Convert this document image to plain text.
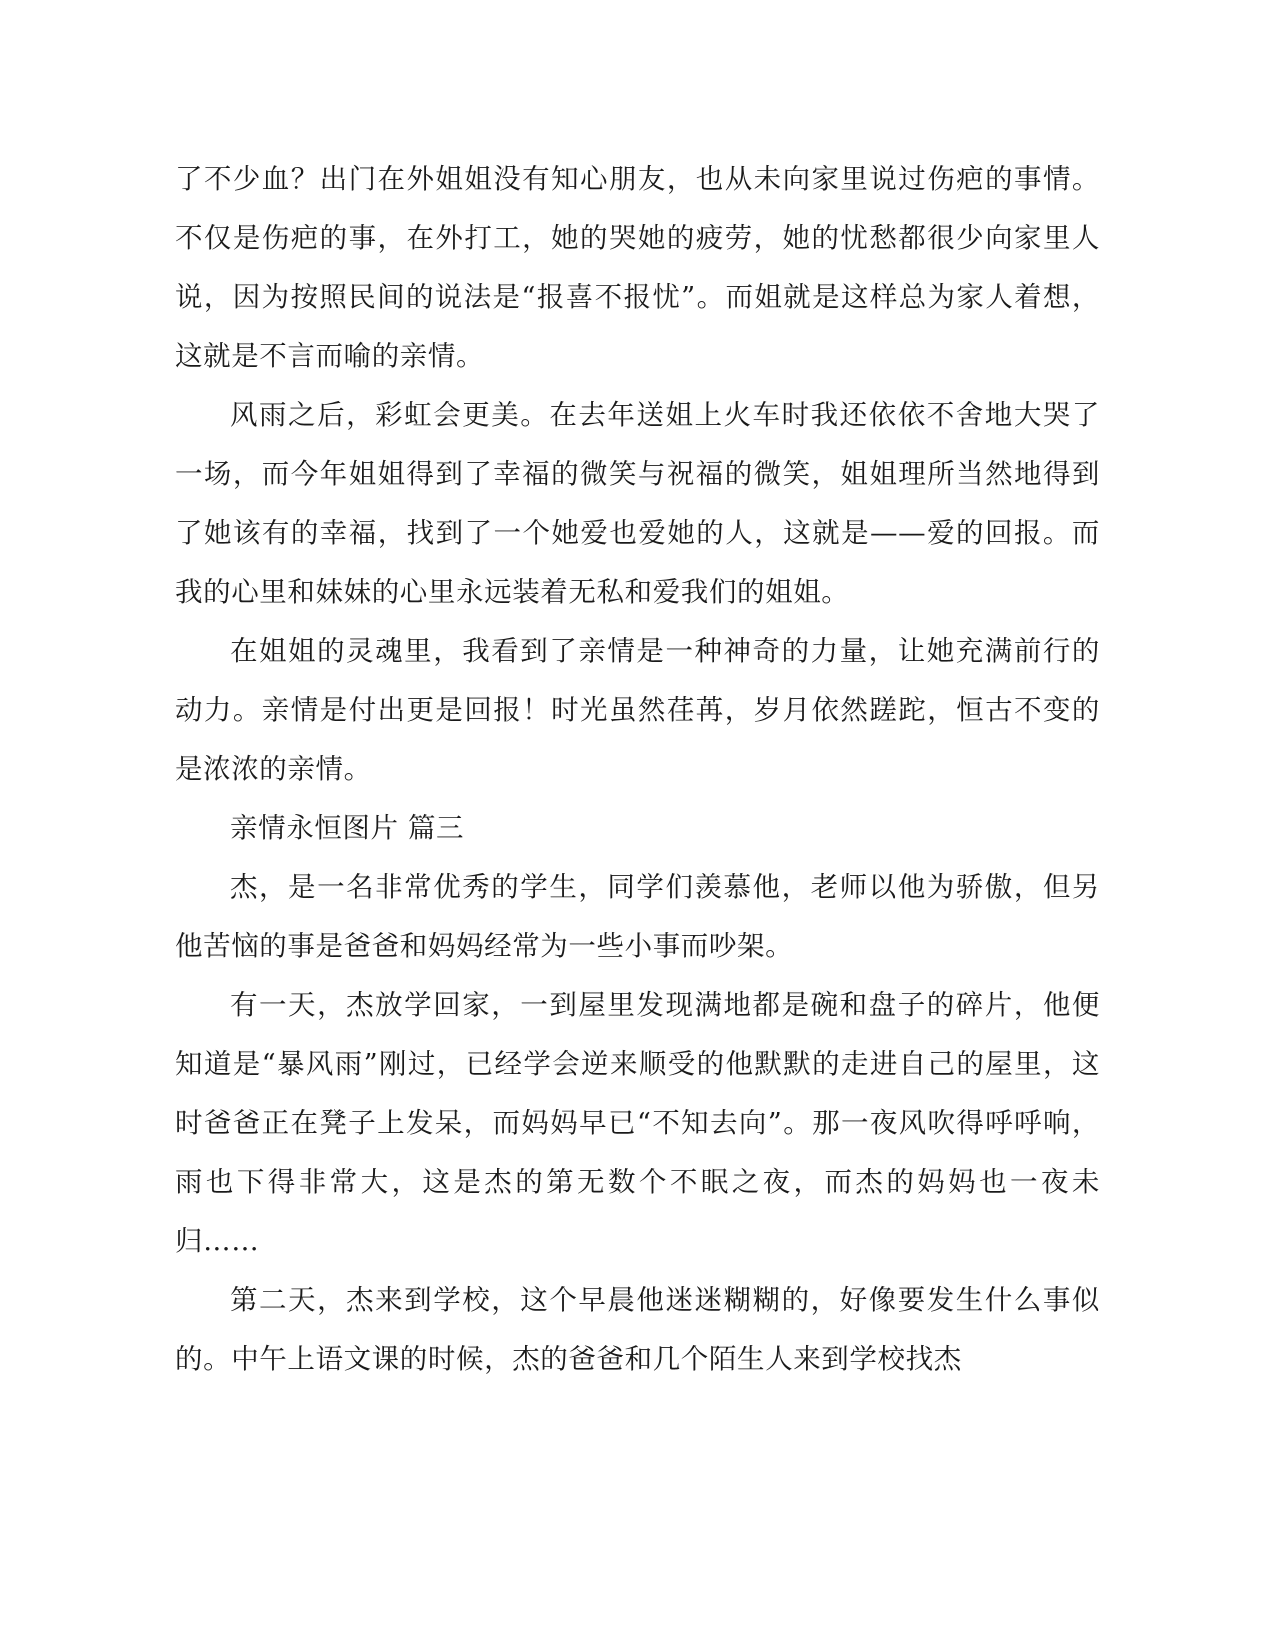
了不少血？出门在外姐姐没有知心朋友，也从未向家里说过伤疤的事情。不仅是伤疤的事，在外打工，她的哭她的疲劳，她的忧愁都很少向家里人说，因为按照民间的说法是“报喜不报忧”。而姐就是这样总为家人着想，这就是不言而喻的亲情。

风雨之后，彩虹会更美。在去年送姐上火车时我还依依不舍地大哭了一场，而今年姐姐得到了幸福的微笑与祝福的微笑，姐姐理所当然地得到了她该有的幸福，找到了一个她爱也爱她的人，这就是——爱的回报。而我的心里和妹妹的心里永远装着无私和爱我们的姐姐。

在姐姐的灵魂里，我看到了亲情是一种神奇的力量，让她充满前行的动力。亲情是付出更是回报！时光虽然荏苒，岁月依然蹉跎，恒古不变的是浓浓的亲情。

亲情永恒图片 篇三

杰，是一名非常优秀的学生，同学们羡慕他，老师以他为骄傲，但另他苦恼的事是爸爸和妈妈经常为一些小事而吵架。

有一天，杰放学回家，一到屋里发现满地都是碗和盘子的碎片，他便知道是“暴风雨”刚过，已经学会逆来顺受的他默默的走进自己的屋里，这时爸爸正在凳子上发呆，而妈妈早已“不知去向”。那一夜风吹得呼呼响，雨也下得非常大，这是杰的第无数个不眠之夜，而杰的妈妈也一夜未归……

第二天，杰来到学校，这个早晨他迷迷糊糊的，好像要发生什么事似的。中午上语文课的时候，杰的爸爸和几个陌生人来到学校找杰
